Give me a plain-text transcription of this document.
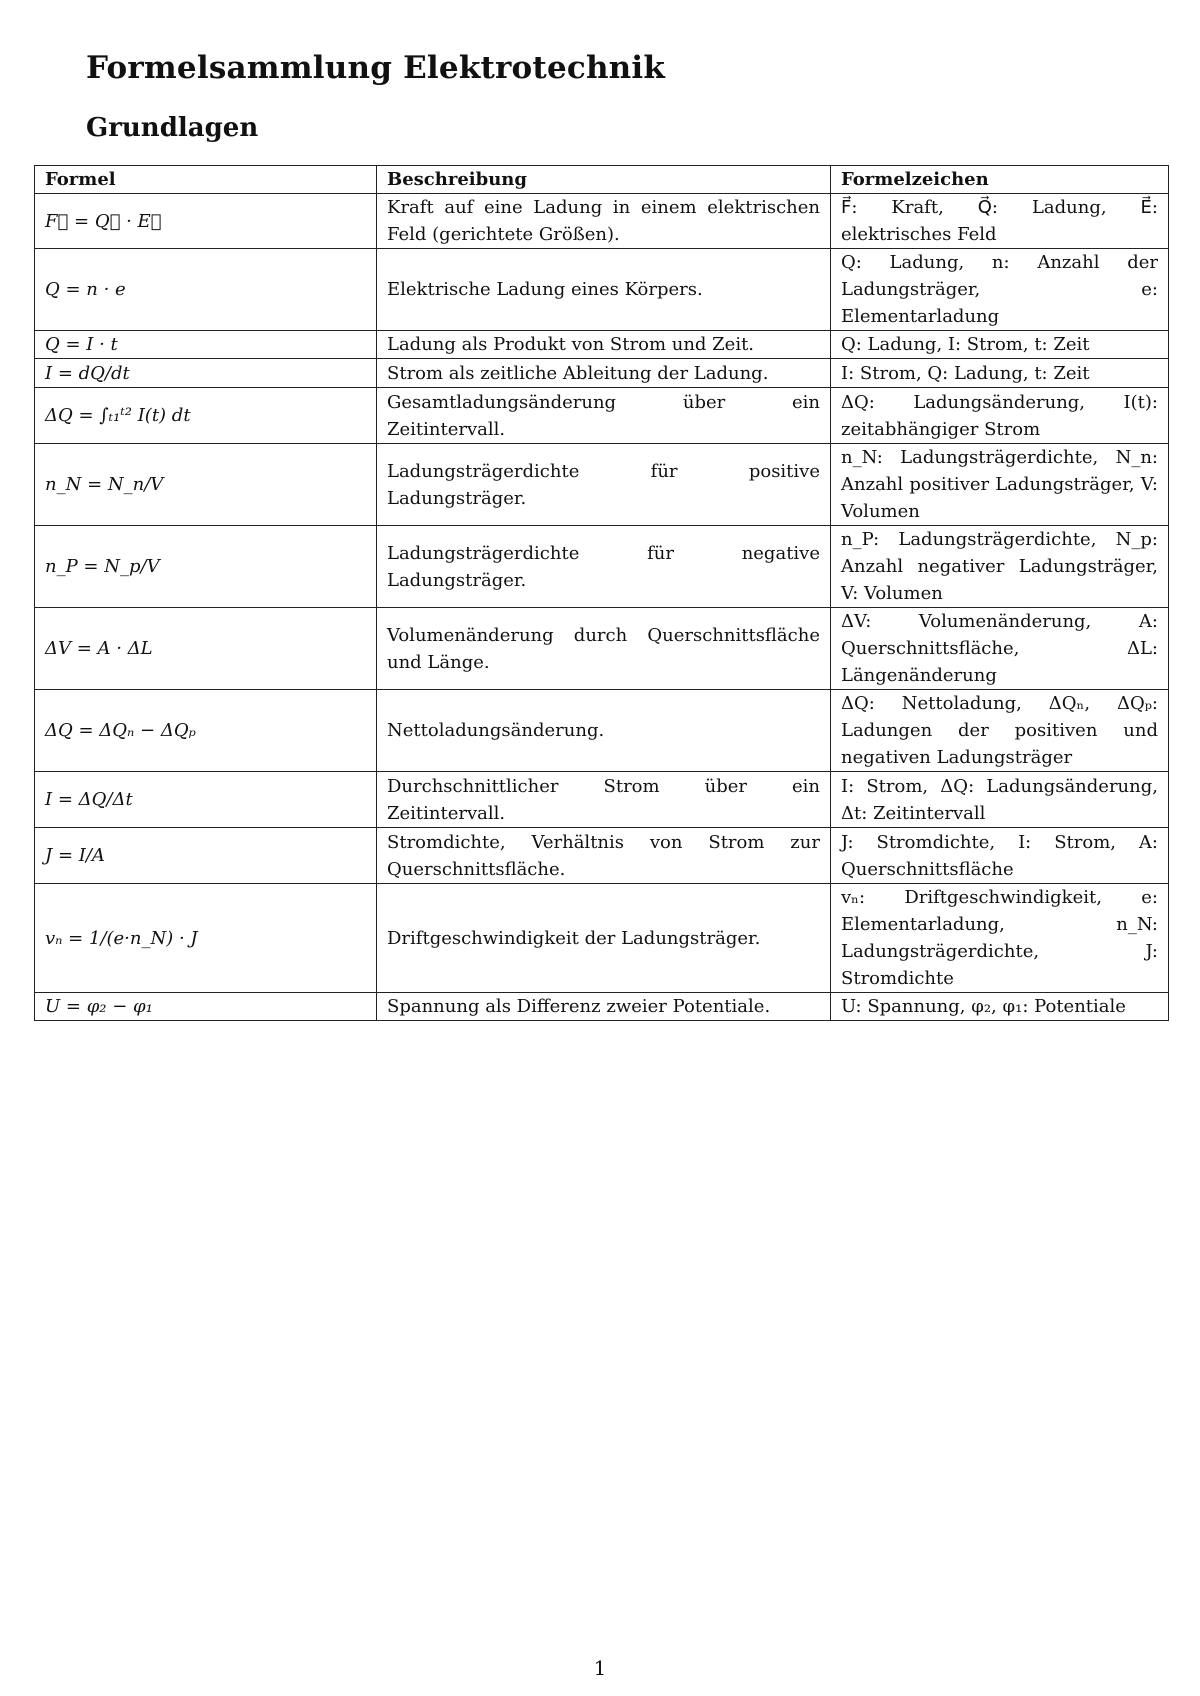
Formelsammlung Elektrotechnik
Grundlagen
Formel	Beschreibung	Formelzeichen
F⃗ = Q⃗ · E⃗	Kraft auf eine Ladung in einem elektrischen Feld (gerichtete Größen).	F⃗: Kraft, Q⃗: Ladung, E⃗: elektrisches Feld
Q = n · e	Elektrische Ladung eines Körpers.	Q: Ladung, n: Anzahl der Ladungsträger, e: Elementarladung
Q = I · t	Ladung als Produkt von Strom und Zeit.	Q: Ladung, I: Strom, t: Zeit
I = dQ/dt	Strom als zeitliche Ableitung der Ladung.	I: Strom, Q: Ladung, t: Zeit
ΔQ = ∫ₜ₁ᵗ² I(t) dt	Gesamtladungsänderung über ein Zeitintervall.	ΔQ: Ladungsänderung, I(t): zeitabhängiger Strom
n_N = N_n/V	Ladungsträgerdichte für positive Ladungsträger.	n_N: Ladungsträgerdichte, N_n: Anzahl positiver Ladungsträger, V: Volumen
n_P = N_p/V	Ladungsträgerdichte für negative Ladungsträger.	n_P: Ladungsträgerdichte, N_p: Anzahl negativer Ladungsträger, V: Volumen
ΔV = A · ΔL	Volumenänderung durch Querschnittsfläche und Länge.	ΔV: Volumenänderung, A: Querschnittsfläche, ΔL: Längenänderung
ΔQ = ΔQₙ − ΔQₚ	Nettoladungsänderung.	ΔQ: Nettoladung, ΔQₙ, ΔQₚ: Ladungen der positiven und negativen Ladungsträger
I = ΔQ/Δt	Durchschnittlicher Strom über ein Zeitintervall.	I: Strom, ΔQ: Ladungsänderung, Δt: Zeitintervall
J = I/A	Stromdichte, Verhältnis von Strom zur Querschnittsfläche.	J: Stromdichte, I: Strom, A: Querschnittsfläche
vₙ = 1/(e·n_N) · J	Driftgeschwindigkeit der Ladungsträger.	vₙ: Driftgeschwindigkeit, e: Elementarladung, n_N: Ladungsträgerdichte, J: Stromdichte
U = φ₂ − φ₁	Spannung als Differenz zweier Potentiale.	U: Spannung, φ₂, φ₁: Potentiale
1
